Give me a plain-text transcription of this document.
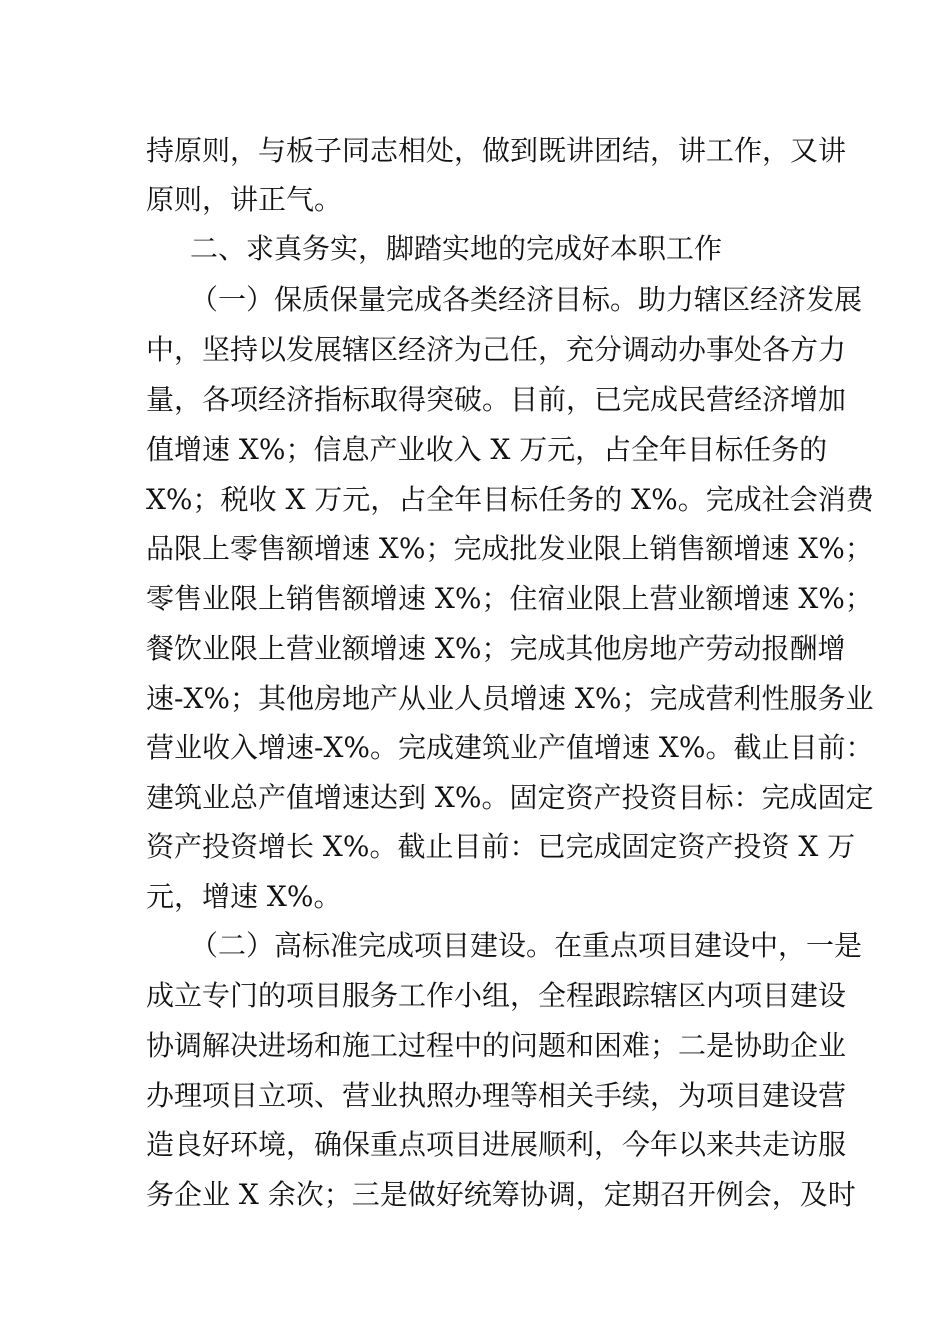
持原则，与板子同志相处，做到既讲团结，讲工作，又讲
原则，讲正气。
二、求真务实，脚踏实地的完成好本职工作
（一）保质保量完成各类经济目标。助力辖区经济发展
中，坚持以发展辖区经济为己任，充分调动办事处各方力
量，各项经济指标取得突破。目前，已完成民营经济增加
值增速 X%；信息产业收入 X 万元，占全年目标任务的
X%；税收 X 万元，占全年目标任务的 X%。完成社会消费
品限上零售额增速 X%；完成批发业限上销售额增速 X%；
零售业限上销售额增速 X%；住宿业限上营业额增速 X%；
餐饮业限上营业额增速 X%；完成其他房地产劳动报酬增
速-X%；其他房地产从业人员增速 X%；完成营利性服务业
营业收入增速-X%。完成建筑业产值增速 X%。截止目前：
建筑业总产值增速达到 X%。固定资产投资目标：完成固定
资产投资增长 X%。截止目前：已完成固定资产投资 X 万
元，增速 X%。
（二）高标准完成项目建设。在重点项目建设中，一是
成立专门的项目服务工作小组，全程跟踪辖区内项目建设
协调解决进场和施工过程中的问题和困难；二是协助企业
办理项目立项、营业执照办理等相关手续，为项目建设营
造良好环境，确保重点项目进展顺利，今年以来共走访服
务企业 X 余次；三是做好统筹协调，定期召开例会，及时
